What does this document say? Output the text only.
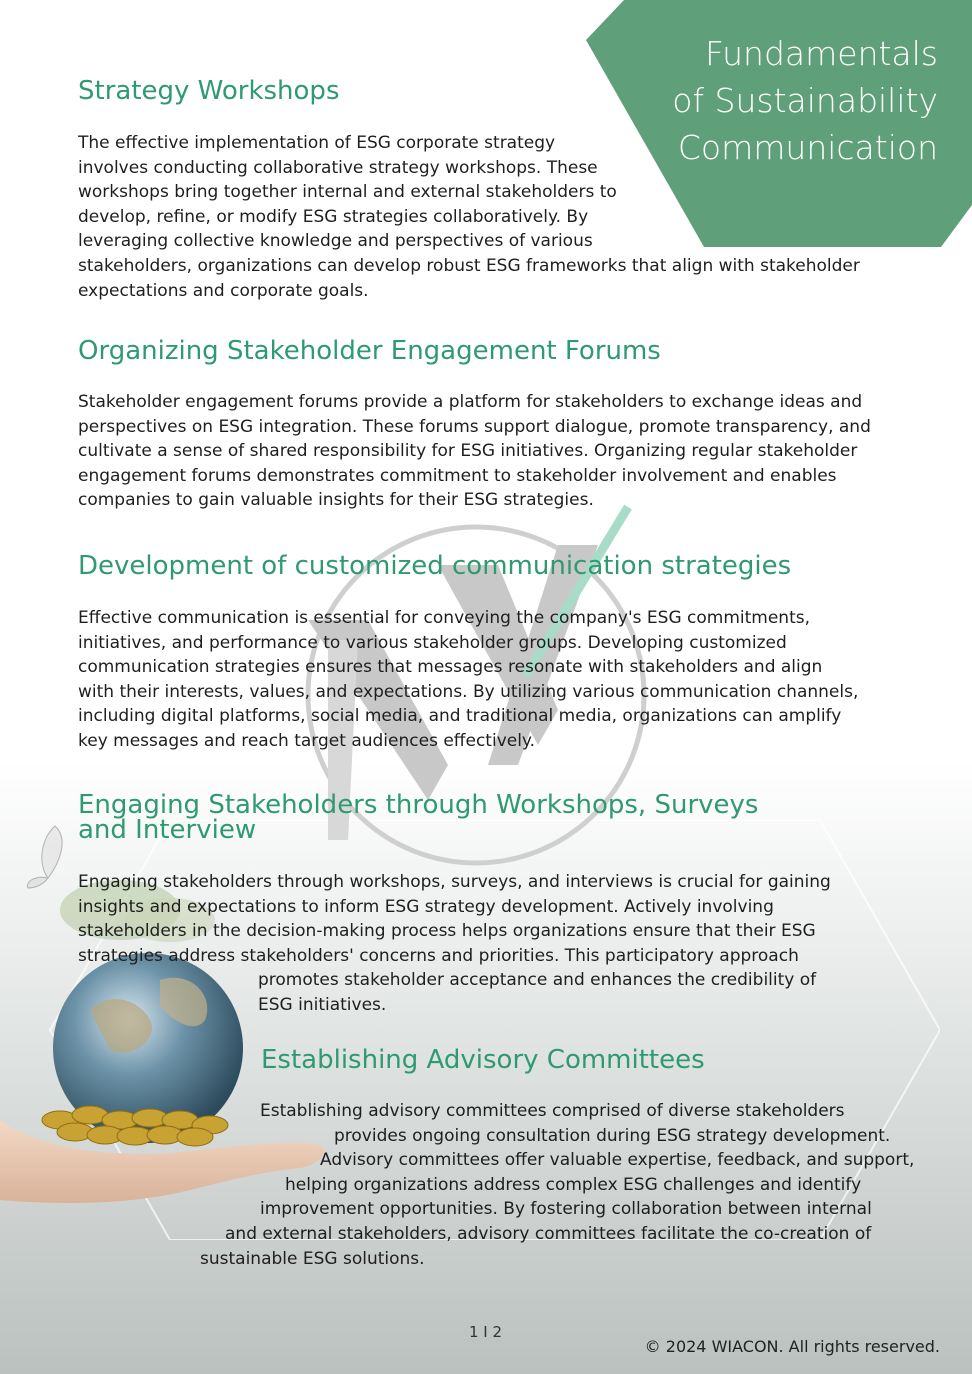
Fundamentals
of Sustainability
Communication
Strategy Workshops
The effective implementation of ESG corporate strategy
involves conducting collaborative strategy workshops. These
workshops bring together internal and external stakeholders to
develop, refine, or modify ESG strategies collaboratively. By
leveraging collective knowledge and perspectives of various
stakeholders, organizations can develop robust ESG frameworks that align with stakeholder
expectations and corporate goals.
Organizing Stakeholder Engagement Forums
Stakeholder engagement forums provide a platform for stakeholders to exchange ideas and
perspectives on ESG integration. These forums support dialogue, promote transparency, and
cultivate a sense of shared responsibility for ESG initiatives. Organizing regular stakeholder
engagement forums demonstrates commitment to stakeholder involvement and enables
companies to gain valuable insights for their ESG strategies.
Development of customized communication strategies
Effective communication is essential for conveying the company's ESG commitments,
initiatives, and performance to various stakeholder groups. Developing customized
communication strategies ensures that messages resonate with stakeholders and align
with their interests, values, and expectations. By utilizing various communication channels,
including digital platforms, social media, and traditional media, organizations can amplify
key messages and reach target audiences effectively.
Engaging Stakeholders through Workshops, Surveys
and Interview
Engaging stakeholders through workshops, surveys, and interviews is crucial for gaining
insights and expectations to inform ESG strategy development. Actively involving
stakeholders in the decision-making process helps organizations ensure that their ESG
strategies address stakeholders' concerns and priorities. This participatory approach
promotes stakeholder acceptance and enhances the credibility of
ESG initiatives.
Establishing Advisory Committees
Establishing advisory committees comprised of diverse stakeholders
provides ongoing consultation during ESG strategy development.
Advisory committees offer valuable expertise, feedback, and support,
helping organizations address complex ESG challenges and identify
improvement opportunities. By fostering collaboration between internal
and external stakeholders, advisory committees facilitate the co-creation of
sustainable ESG solutions.
1 I 2
© 2024 WIACON. All rights reserved.
